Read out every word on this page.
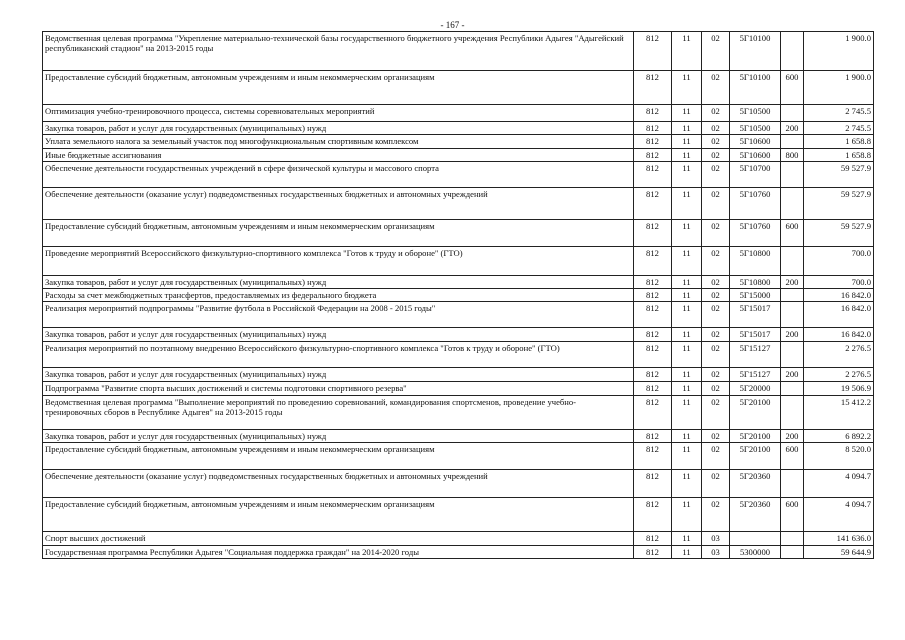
- 167 -
Ведомственная целевая программа "Укрепление материально-технической базы государственного бюджетного учреждения Республики Адыгея "Адыгейский республиканский стадион" на 2013-2015 годы	812	11	02	5Г10100		1 900.0
Предоставление субсидий бюджетным, автономным учреждениям и иным некоммерческим организациям	812	11	02	5Г10100	600	1 900.0
Оптимизация учебно-тренировочного процесса, системы соревновательных мероприятий	812	11	02	5Г10500		2 745.5
Закупка товаров, работ и услуг для государственных (муниципальных) нужд	812	11	02	5Г10500	200	2 745.5
Уплата земельного налога за земельный участок под многофункциональным спортивным комплексом	812	11	02	5Г10600		1 658.8
Иные бюджетные ассигнования	812	11	02	5Г10600	800	1 658.8
Обеспечение деятельности государственных учреждений в сфере физической культуры и массового спорта	812	11	02	5Г10700		59 527.9
Обеспечение деятельности (оказание услуг) подведомственных государственных бюджетных и автономных учреждений	812	11	02	5Г10760		59 527.9
Предоставление субсидий бюджетным, автономным учреждениям и иным некоммерческим организациям	812	11	02	5Г10760	600	59 527.9
Проведение мероприятий Всероссийского физкультурно-спортивного комплекса "Готов к труду и обороне" (ГТО)	812	11	02	5Г10800		700.0
Закупка товаров, работ и услуг для государственных (муниципальных) нужд	812	11	02	5Г10800	200	700.0
Расходы за счет межбюджетных трансфертов, предоставляемых из федерального бюджета	812	11	02	5Г15000		16 842.0
Реализация мероприятий подпрограммы "Развитие футбола в Российской Федерации на 2008 - 2015 годы"	812	11	02	5Г15017		16 842.0
Закупка товаров, работ и услуг для государственных (муниципальных) нужд	812	11	02	5Г15017	200	16 842.0
Реализация мероприятий по поэтапному внедрению Всероссийского физкультурно-спортивного комплекса "Готов к труду и обороне" (ГТО)	812	11	02	5Г15127		2 276.5
Закупка товаров, работ и услуг для государственных (муниципальных) нужд	812	11	02	5Г15127	200	2 276.5
Подпрограмма "Развитие спорта высших достижений и системы подготовки спортивного резерва"	812	11	02	5Г20000		19 506.9
Ведомственная целевая программа "Выполнение мероприятий по проведению соревнований, командирования спортсменов, проведение учебно-тренировочных сборов в Республике Адыгея" на 2013-2015 годы	812	11	02	5Г20100		15 412.2
Закупка товаров, работ и услуг для государственных (муниципальных) нужд	812	11	02	5Г20100	200	6 892.2
Предоставление субсидий бюджетным, автономным учреждениям и иным некоммерческим организациям	812	11	02	5Г20100	600	8 520.0
Обеспечение деятельности (оказание услуг) подведомственных государственных бюджетных и автономных учреждений	812	11	02	5Г20360		4 094.7
Предоставление субсидий бюджетным, автономным учреждениям и иным некоммерческим организациям	812	11	02	5Г20360	600	4 094.7
Спорт высших достижений	812	11	03			141 636.0
Государственная программа Республики Адыгея "Социальная поддержка граждан" на 2014-2020 годы	812	11	03	5300000		59 644.9
